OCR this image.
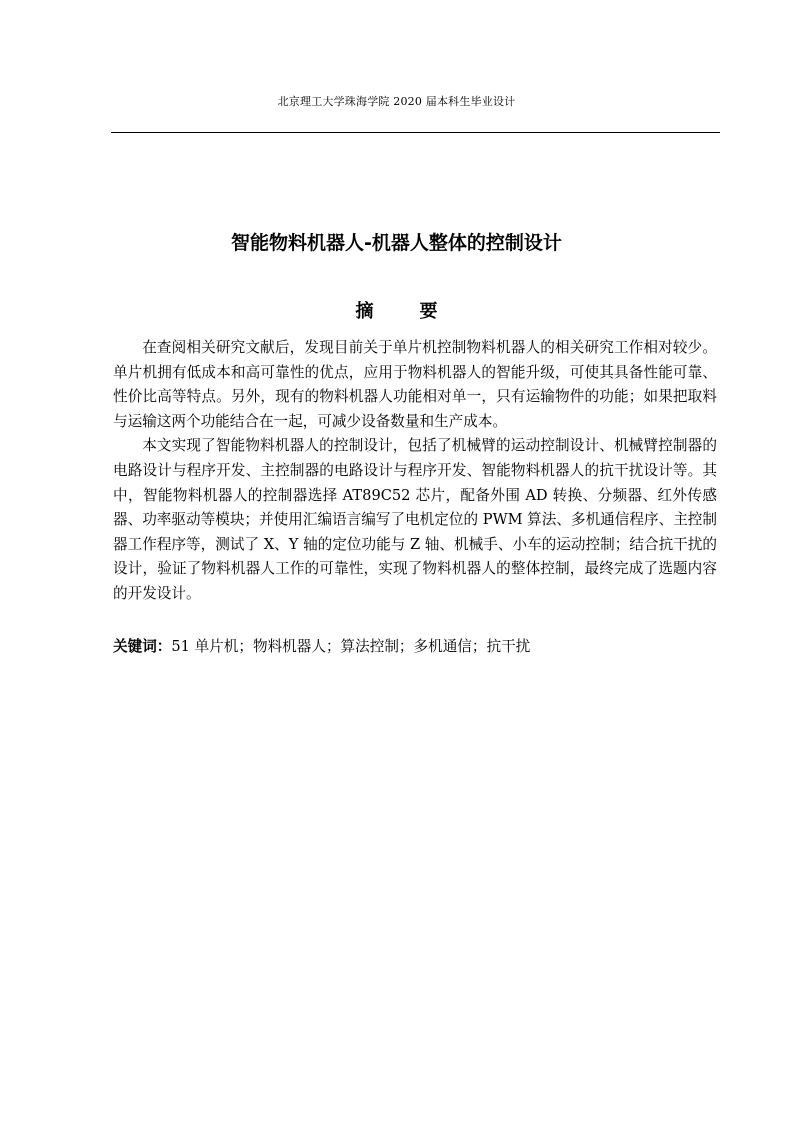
北京理工大学珠海学院 2020 届本科生毕业设计
智能物料机器人-机器人整体的控制设计
摘　要

在查阅相关研究文献后，发现目前关于单片机控制物料机器人的相关研究工作相对较少。单片机拥有低成本和高可靠性的优点，应用于物料机器人的智能升级，可使其具备性能可靠、性价比高等特点。另外，现有的物料机器人功能相对单一，只有运输物件的功能；如果把取料与运输这两个功能结合在一起，可减少设备数量和生产成本。

本文实现了智能物料机器人的控制设计，包括了机械臂的运动控制设计、机械臂控制器的电路设计与程序开发、主控制器的电路设计与程序开发、智能物料机器人的抗干扰设计等。其中，智能物料机器人的控制器选择 AT89C52 芯片，配备外围 AD 转换、分频器、红外传感器、功率驱动等模块；并使用汇编语言编写了电机定位的 PWM 算法、多机通信程序、主控制器工作程序等，测试了 X、Y 轴的定位功能与 Z 轴、机械手、小车的运动控制；结合抗干扰的设计，验证了物料机器人工作的可靠性，实现了物料机器人的整体控制，最终完成了选题内容的开发设计。

关键词：51 单片机；物料机器人；算法控制；多机通信；抗干扰
